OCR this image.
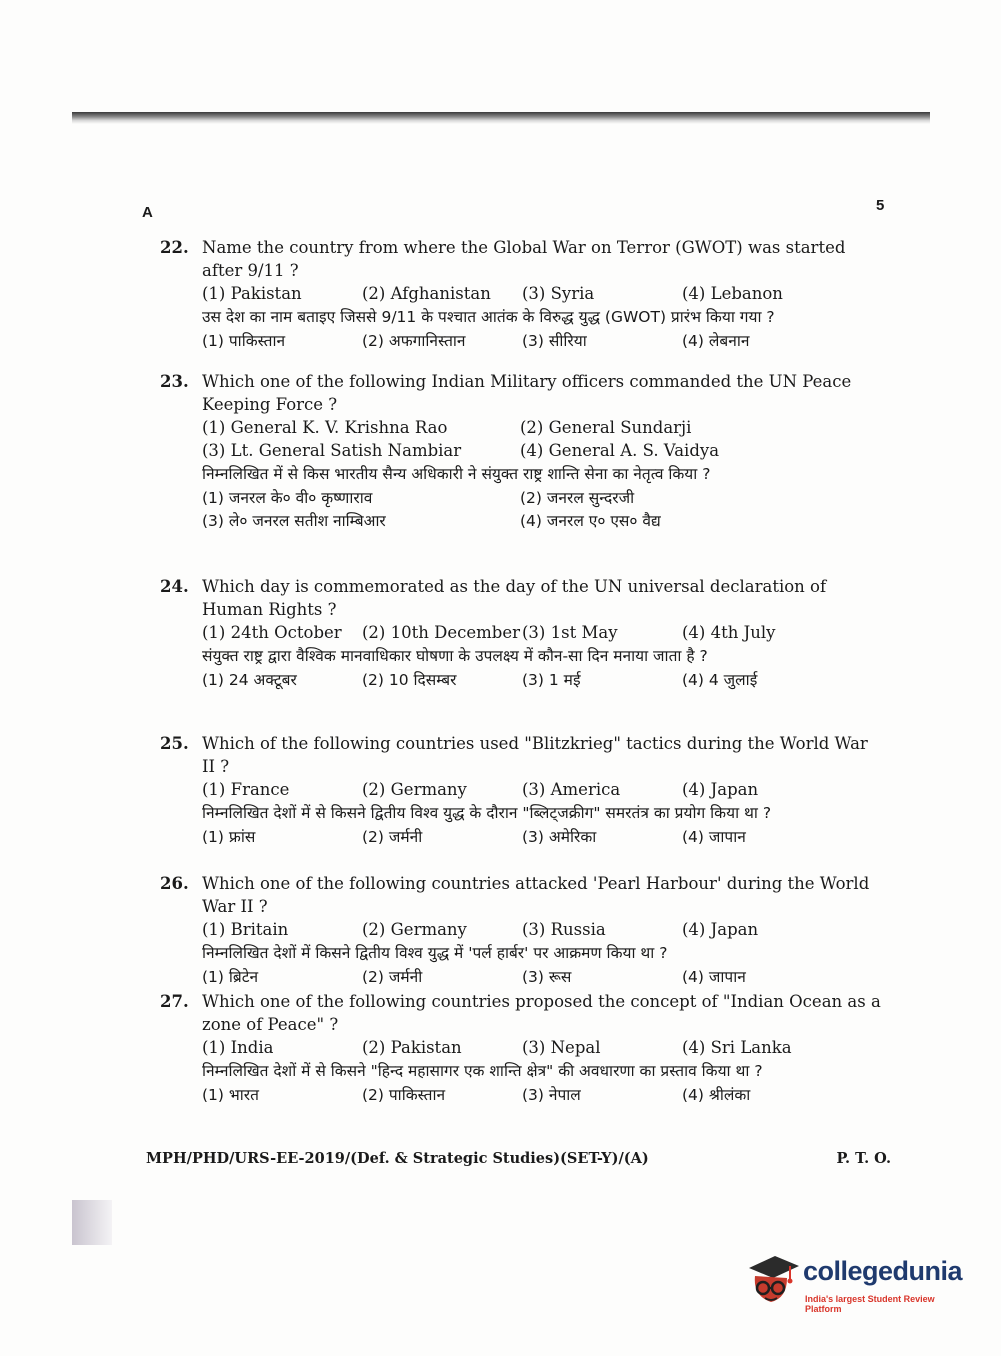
A	5
22. Name the country from where the Global War on Terror (GWOT) was started after 9/11 ?
(1) Pakistan	(2) Afghanistan	(3) Syria	(4) Lebanon
उस देश का नाम बताइए जिससे 9/11 के पश्चात आतंक के विरुद्ध युद्ध (GWOT) प्रारंभ किया गया ?
(1) पाकिस्तान	(2) अफगानिस्तान	(3) सीरिया	(4) लेबनान
23. Which one of the following Indian Military officers commanded the UN Peace Keeping Force ?
(1) General K. V. Krishna Rao	(2) General Sundarji
(3) Lt. General Satish Nambiar	(4) General A. S. Vaidya
निम्नलिखित में से किस भारतीय सैन्य अधिकारी ने संयुक्त राष्ट्र शान्ति सेना का नेतृत्व किया ?
(1) जनरल के० वी० कृष्णाराव	(2) जनरल सुन्दरजी
(3) ले० जनरल सतीश नाम्बिआर	(4) जनरल ए० एस० वैद्य
24. Which day is commemorated as the day of the UN universal declaration of Human Rights ?
(1) 24th October	(2) 10th December (3) 1st May	(4) 4th July
संयुक्त राष्ट्र द्वारा वैश्विक मानवाधिकार घोषणा के उपलक्ष्य में कौन-सा दिन मनाया जाता है ?
(1) 24 अक्टूबर	(2) 10 दिसम्बर	(3) 1 मई	(4) 4 जुलाई
25. Which of the following countries used "Blitzkrieg" tactics during the World War II ?
(1) France	(2) Germany	(3) America	(4) Japan
निम्नलिखित देशों में से किसने द्वितीय विश्व युद्ध के दौरान "ब्लिट्जक्रीग" समरतंत्र का प्रयोग किया था ?
(1) फ्रांस	(2) जर्मनी	(3) अमेरिका	(4) जापान
26. Which one of the following countries attacked 'Pearl Harbour' during the World War II ?
(1) Britain	(2) Germany	(3) Russia	(4) Japan
निम्नलिखित देशों में किसने द्वितीय विश्व युद्ध में 'पर्ल हार्बर' पर आक्रमण किया था ?
(1) ब्रिटेन	(2) जर्मनी	(3) रूस	(4) जापान
27. Which one of the following countries proposed the concept of "Indian Ocean as a zone of Peace" ?
(1) India	(2) Pakistan	(3) Nepal	(4) Sri Lanka
निम्नलिखित देशों में से किसने "हिन्द महासागर एक शान्ति क्षेत्र" की अवधारणा का प्रस्ताव किया था ?
(1) भारत	(2) पाकिस्तान	(3) नेपाल	(4) श्रीलंका
MPH/PHD/URS-EE-2019/(Def. & Strategic Studies)(SET-Y)/(A)	P. T. O.
collegedunia
India's largest Student Review Platform
